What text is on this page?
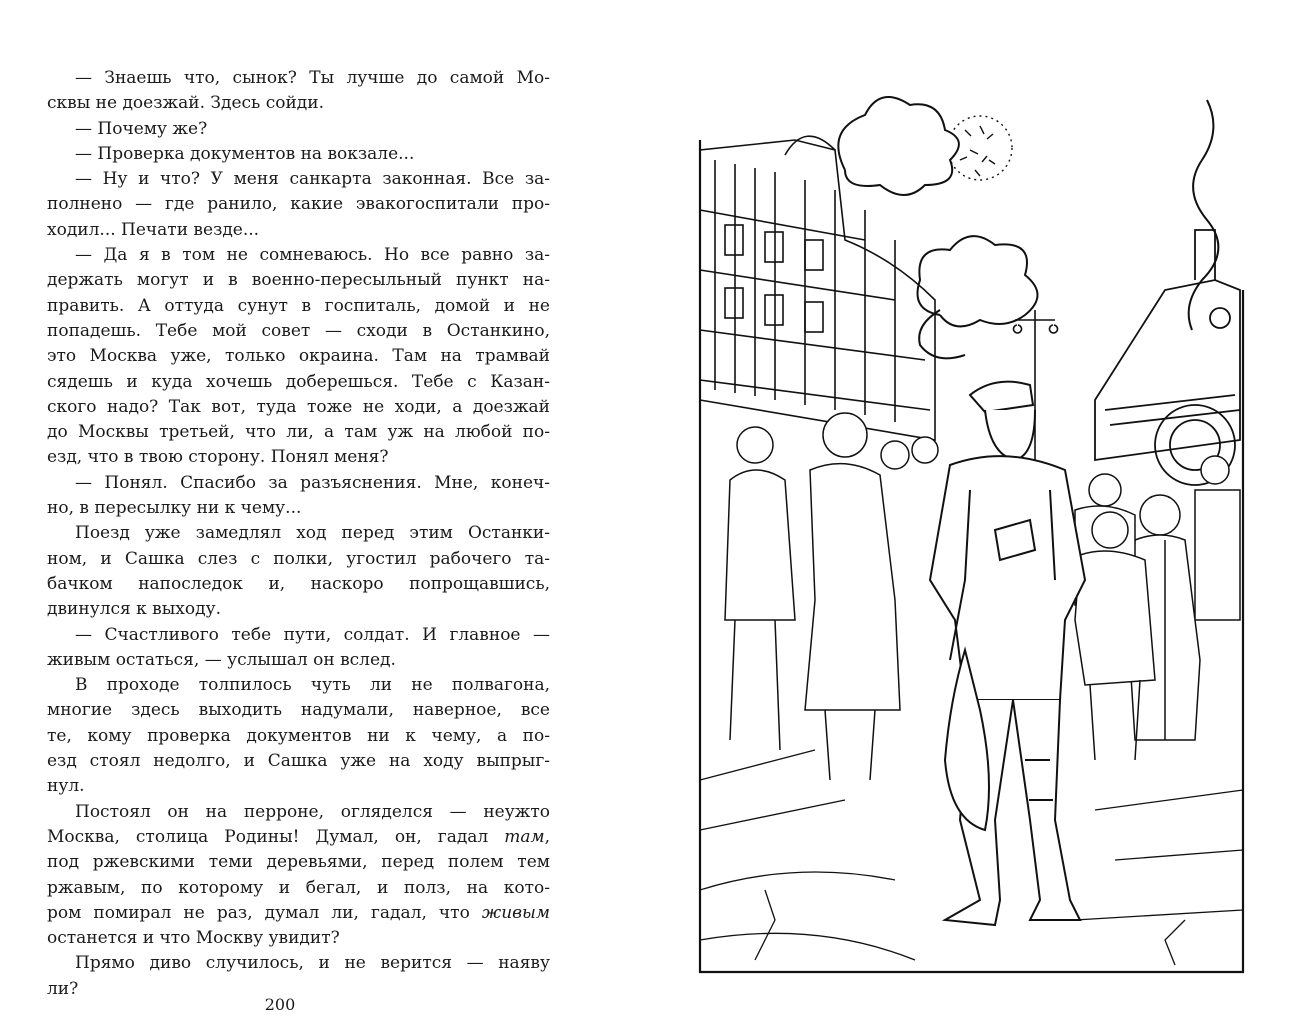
— Знаешь что, сынок? Ты лучше до самой Мо-
сквы не доезжай. Здесь сойди.
— Почему же?
— Проверка документов на вокзале...
— Ну и что? У меня санкарта законная. Все за-
полнено — где ранило, какие эвакогоспитали про-
ходил... Печати везде...
— Да я в том не сомневаюсь. Но все равно за-
держать могут и в военно-пересыльный пункт на-
править. А оттуда сунут в госпиталь, домой и не
попадешь. Тебе мой совет — сходи в Останкино,
это Москва уже, только окраина. Там на трамвай
сядешь и куда хочешь доберешься. Тебе с Казан-
ского надо? Так вот, туда тоже не ходи, а доезжай
до Москвы третьей, что ли, а там уж на любой по-
езд, что в твою сторону. Понял меня?
— Понял. Спасибо за разъяснения. Мне, конеч-
но, в пересылку ни к чему...
Поезд уже замедлял ход перед этим Останки-
ном, и Сашка слез с полки, угостил рабочего та-
бачком напоследок и, наскоро попрощавшись,
двинулся к выходу.
— Счастливого тебе пути, солдат. И главное —
живым остаться, — услышал он вслед.
В проходе толпилось чуть ли не полвагона,
многие здесь выходить надумали, наверное, все
те, кому проверка документов ни к чему, а по-
езд стоял недолго, и Сашка уже на ходу выпрыг-
нул.
Постоял он на перроне, огляделся — неужто
Москва, столица Родины! Думал, он, гадал там,
под ржевскими теми деревьями, перед полем тем
ржавым, по которому и бегал, и полз, на кото-
ром помирал не раз, думал ли, гадал, что живым
останется и что Москву увидит?
Прямо диво случилось, и не верится — наяву
ли?
200
